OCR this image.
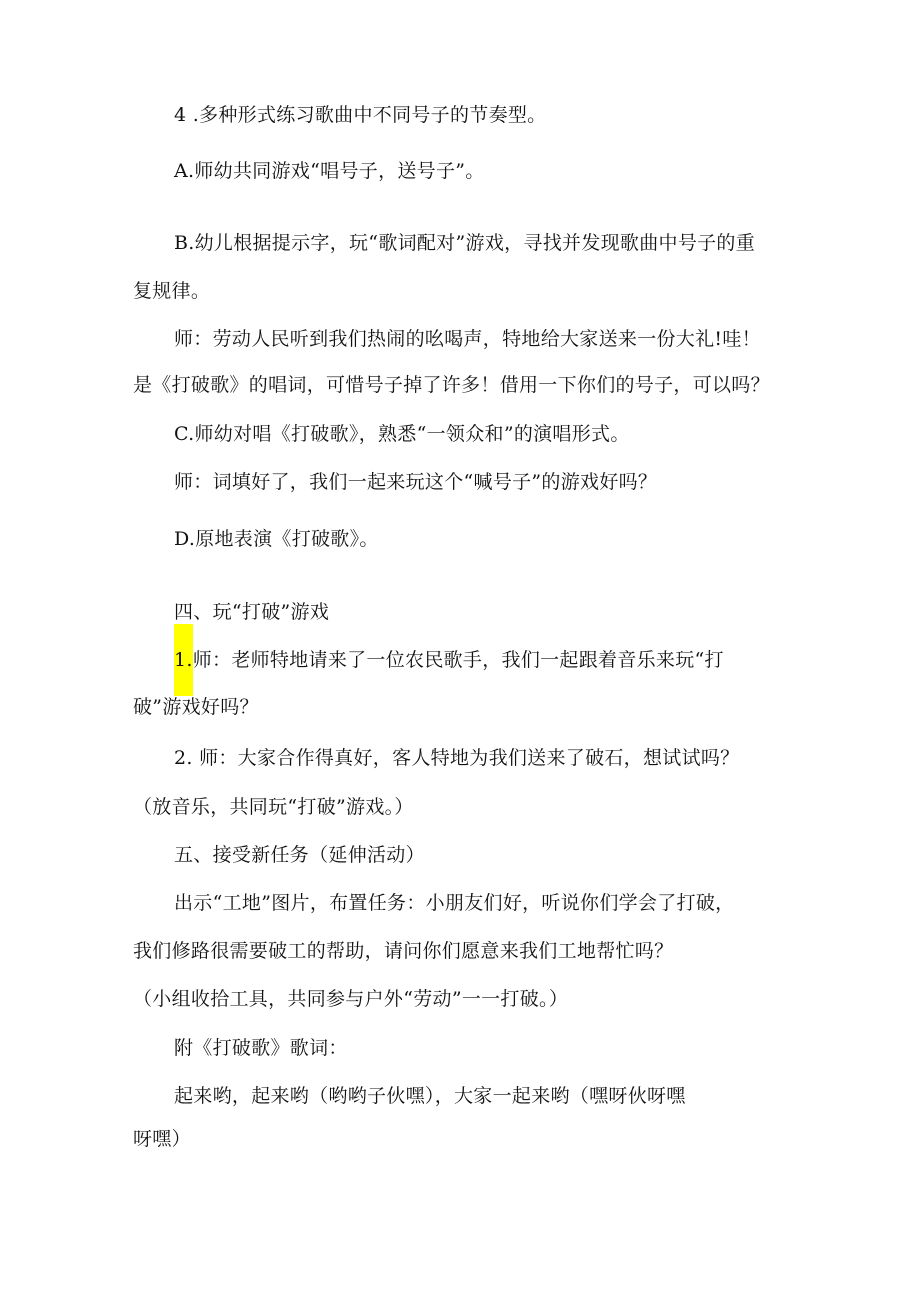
4 .多种形式练习歌曲中不同号子的节奏型。
A.师幼共同游戏“唱号子，送号子”。
B.幼儿根据提示字，玩“歌词配对”游戏，寻找并发现歌曲中号子的重
复规律。
师：劳动人民听到我们热闹的吆喝声，特地给大家送来一份大礼!哇！
是《打破歌》的唱词，可惜号子掉了许多！借用一下你们的号子，可以吗？
C.师幼对唱《打破歌》，熟悉“一领众和”的演唱形式。
师：词填好了，我们一起来玩这个“喊号子”的游戏好吗？
D.原地表演《打破歌》。
四、玩“打破”游戏
1.师：老师特地请来了一位农民歌手，我们一起跟着音乐来玩“打
破”游戏好吗？
2. 师：大家合作得真好，客人特地为我们送来了破石，想试试吗？
（放音乐，共同玩“打破”游戏。）
五、接受新任务（延伸活动）
出示“工地”图片，布置任务：小朋友们好，听说你们学会了打破，
我们修路很需要破工的帮助，请问你们愿意来我们工地帮忙吗？
（小组收拾工具，共同参与户外“劳动”一一打破。）
附《打破歌》歌词：
起来哟，起来哟（哟哟子伙嘿），大家一起来哟（嘿呀伙呀嘿
呀嘿）
